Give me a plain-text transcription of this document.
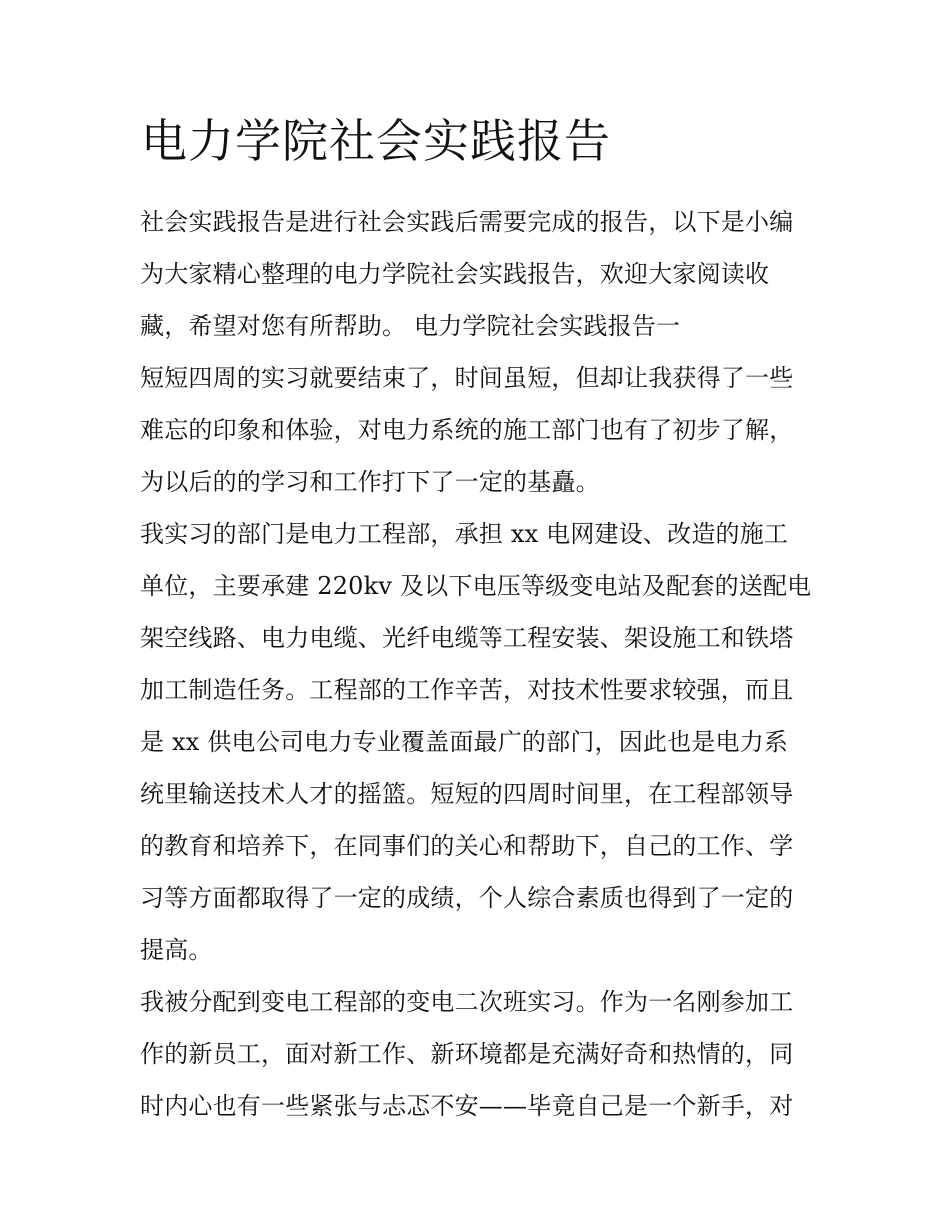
电力学院社会实践报告
社会实践报告是进行社会实践后需要完成的报告，以下是小编
为大家精心整理的电力学院社会实践报告，欢迎大家阅读收
藏，希望对您有所帮助。 电力学院社会实践报告一
短短四周的实习就要结束了，时间虽短，但却让我获得了一些
难忘的印象和体验，对电力系统的施工部门也有了初步了解，
为以后的的学习和工作打下了一定的基矗。
我实习的部门是电力工程部，承担 xx 电网建设、改造的施工
单位，主要承建 220kv 及以下电压等级变电站及配套的送配电
架空线路、电力电缆、光纤电缆等工程安装、架设施工和铁塔
加工制造任务。工程部的工作辛苦，对技术性要求较强，而且
是 xx 供电公司电力专业覆盖面最广的部门，因此也是电力系
统里输送技术人才的摇篮。短短的四周时间里，在工程部领导
的教育和培养下，在同事们的关心和帮助下，自己的工作、学
习等方面都取得了一定的成绩，个人综合素质也得到了一定的
提高。
我被分配到变电工程部的变电二次班实习。作为一名刚参加工
作的新员工，面对新工作、新环境都是充满好奇和热情的，同
时内心也有一些紧张与忐忑不安——毕竟自己是一个新手，对
